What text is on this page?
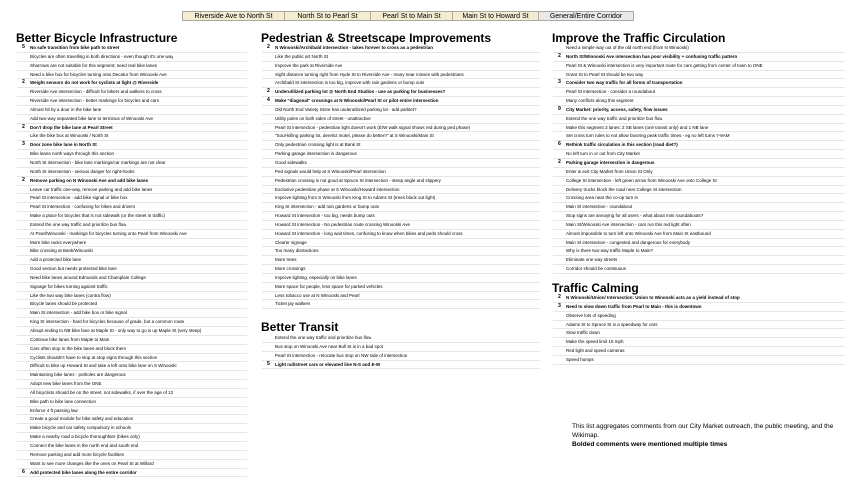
Riverside Ave to North St	North St to Pearl St	Pearl St to Main St	Main St to Howard St	General/Entire Corridor
Better Bicycle Infrastructure
5	No safe transition from bike path to street
Bicycles are often travelling in both directions - even though it's one way
Sharrows are not suitable for this segment; need real bike lanes
Need a bike box for bicycles turning onto Decatur from Winooski Ave
2	Weight sensors do not work for cyclists at light @ Riverside
Riverside Ave intersection - difficult for bikers and walkers to cross
Riverside Ave intersection - better markings for bicycles and cars
Almost hit by a door in the bike lane
Add two-way separated bike lane to terminus of Winooski Ave
2	Don't drop the bike lane at Pearl Street
Like the bike box at Winooski / North St
3	Door zone bike lane in North St
Bike lanes north ways through this section
North St intersection - bike lane markings/car markings are not clear
North St intersection - serious danger for right-hooks
2	Remove parking on N Winooski Ave and add bike lanes
Leave car traffic one-way, remove parking and add bike lanes
Pearl St intersection - add bike signal or bike box
Pearl St intersection - confusing for bikes and drivers
Make a place for bicycles that is not sidewalk (or the street in traffic)
Extend the one way traffic and prioritize bus flow
At Pearl/Winooski - markings for bicycles turning onto Pearl from Winooski Ave
More bike racks everywhere
Bike crossing at Bank/Winooski
Add a protected bike lane
Good section but needs protected bike lane
Need bike lanes around Edmunds and Champlain College
Signage for bikes turning against traffic
Like the two way bike lanes (contra flow)
Bicycle lanes should be protected
Main St intersection - add bike box or bike signal
King St intersection - hard for bicycles because of grade, but a common route
Abrupt ending to NB bike lane at Maple St - only way to go is up Maple St (very steep)
Continue bike lanes from Maple to Main
Cars often stop in the bike lanes and block them
Cyclists shouldn't have to stop at stop signs through this section
Difficult to bike up Howard St and take a left onto bike lane on S Winooski
Maintaining bike lanes - potholes are dangerous
Adopt new bike lanes from the ONE
All bicyclists should be on the street, not sidewalks, if over the age of 12
Bike path to bike lane connection
Enforce 4 ft passing law
Create a good module for bike safety and education
Make bicycle and car safety compulsory in schools
Make a nearby road a bicycle thoroughfare (bikes only)
Connect the bike lanes in the north end and south end
Remove parking and add more bicycle facilities
Want to see more changes like the ones on Pearl St at Willard
6	Add protected bike lanes along the entire corridor
Pedestrian & Streetscape Improvements
2	N Winooski/Archibald intersection - takes forever to cross as a pedestrian
Like the public art North St
Improve the park at Riverside Ave
Sight distance turning right from Hyde St to Riverside Ave - many near misses with pedestrians
Archibald St intersection is too big, improve with rain gardens or bump outs
2	Underutilized parking lot @ North End Studios - use as parking for businesses?
4	Make "diagonal" crossings at N Winooski/Pearl St or pilot entire intersection
Old North End Variety Store has underutilized parking lot - add parklet?
Utility poles on both sides of street - unattractive
Pearl St intersection - pedestrian light doesn't work (E/W walk signal shows red during ped phase)
"Soul-killing parking lot, derelict motel, please do better!!" at S Winooski/Main St
Only pedestrian crossing light is at Bank St
Parking garage intersection is dangerous
Good sidewalks
Ped signals would help at S Winooski/Pearl intersection
Pedestrian crossing is not good at Spruce St intersection - steep angle and slippery
Exclusive pedestrian phase at S Winooski/Howard intersection
Improve lighting from S Winooski from King St to Adams St (trees block out light)
King St intersection - add rain gardens or bump outs
Howard St intersection - too big, needs bump outs
Howard St intersection - No pedestrian route crossing Winooski Ave
Howard St intersection - long wait times, confusing to know when bikes and peds should cross
Clearer signage
Too many distractions
More trees
More crossings
Improve lighting, especially on bike lanes
More space for people, less space for parked vehicles
Less tobacco use at N Winooski and Pearl
Ticket jay walkers
Better Transit
Extend the one way traffic and prioritize bus flow
Bus stop on Winooski Ave near Bull St is in a bad spot
Pearl St intersection - relocate bus stop on NW side of intersection
5	Light rail/street cars or elevated line N-S and E-W
Improve the Traffic Circulation
Need a simple way out of the old north end (from N Winooski)
2	North St/Winooski Ave intersection has poor visibility + confusing traffic pattern
Pearl St & Winooski intersection is very important route for cars getting from center of town to ONE
Grant St to Pearl St should be two way
3	Consider two way traffic for all forms of transportation
Pearl St intersection - consider a roundabout
Many conflicts along this segment
9	City Market: priority, access, safety, flow issues
Extend the one way traffic and prioritize bus flow
Make this segment 3 lanes: 2 SB lanes (one transit only) and 1 NB lane
Set cross turn rules to not allow favoring peak traffic times - eg no left turns 7-9AM
6	Rethink traffic circulation in this section (road diet?)
No left turn in or out from City Market
2	Parking garage intersection is dangerous
Enter & exit City Market from Union St Only
College St intersection - left green arrow from Winooski Ave onto College St
Delivery trucks block the road near College St intersection
Crossing area near the co-op turn in
Main St intersection - roundabout
Stop signs are annoying for all users - what about mini roundabouts?
Main St/Winooski Ave intersection - cars run this red light often
Almost impossible to turn left onto Winooski Ave from Main St eastbound
Main St intersection - congested and dangerous for everybody
Why is there two-way traffic Maple to Main?
Eliminate one way streets
Corridor should be continuous
Traffic Calming
2	N Winooski/Union/ Intersection: Union to Winooski acts as a yield instead of stop
3	Need to slow down traffic from Pearl to Main - this is downtown
Observe lots of speeding
Adams St to Spruce St is a speedway for cars
Slow traffic down
Make the speed limit 15 mph
Red light and speed cameras
Speed humps
This list aggregates comments from our City Market outreach, the public meeting, and the Wikimap.
Bolded comments were mentioned multiple times
